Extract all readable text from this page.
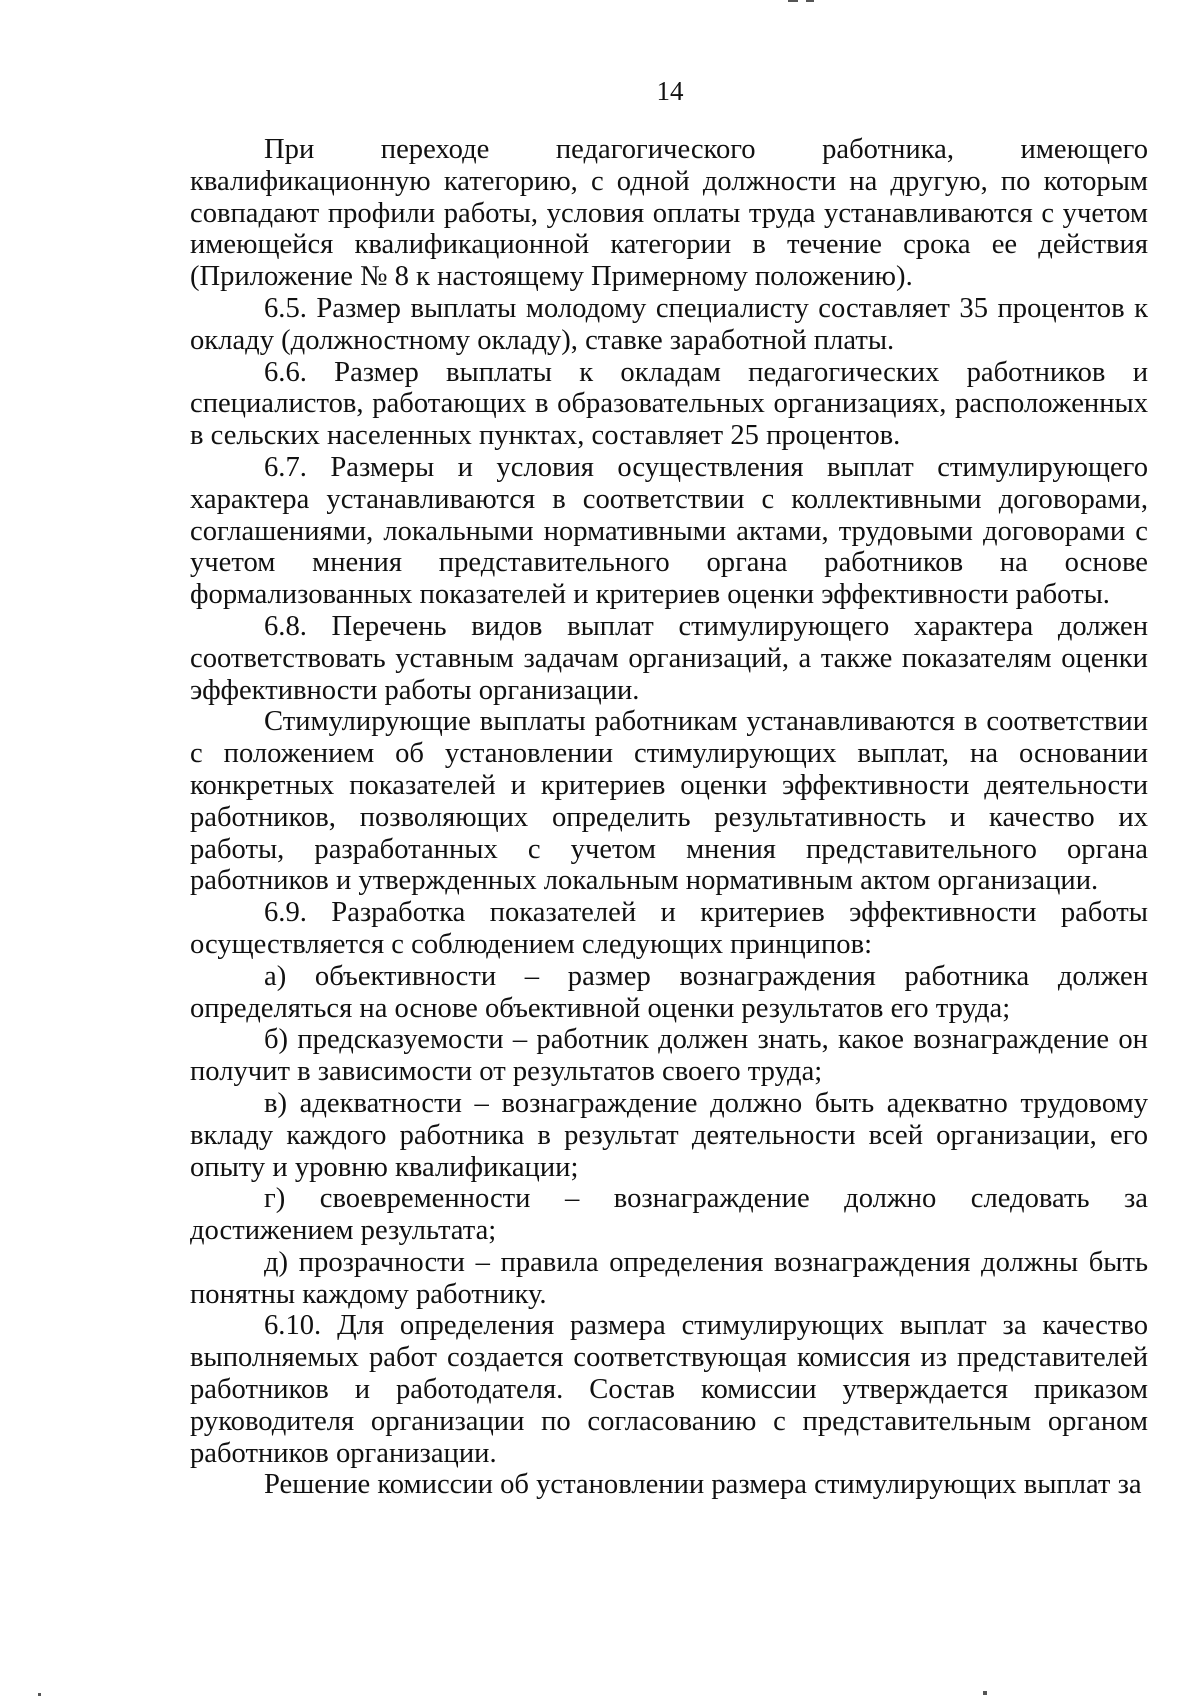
14

При переходе педагогического работника, имеющего квалификационную категорию, с одной должности на другую, по которым совпадают профили работы, условия оплаты труда устанавливаются с учетом имеющейся квалификационной категории в течение срока ее действия (Приложение № 8 к настоящему Примерному положению).

6.5. Размер выплаты молодому специалисту составляет 35 процентов к окладу (должностному окладу), ставке заработной платы.

6.6. Размер выплаты к окладам педагогических работников и специалистов, работающих в образовательных организациях, расположенных в сельских населенных пунктах, составляет 25 процентов.

6.7. Размеры и условия осуществления выплат стимулирующего характера устанавливаются в соответствии с коллективными договорами, соглашениями, локальными нормативными актами, трудовыми договорами с учетом мнения представительного органа работников на основе формализованных показателей и критериев оценки эффективности работы.

6.8. Перечень видов выплат стимулирующего характера должен соответствовать уставным задачам организаций, а также показателям оценки эффективности работы организации.

Стимулирующие выплаты работникам устанавливаются в соответствии с положением об установлении стимулирующих выплат, на основании конкретных показателей и критериев оценки эффективности деятельности работников, позволяющих определить результативность и качество их работы, разработанных с учетом мнения представительного органа работников и утвержденных локальным нормативным актом организации.

6.9. Разработка показателей и критериев эффективности работы осуществляется с соблюдением следующих принципов:

а) объективности – размер вознаграждения работника должен определяться на основе объективной оценки результатов его труда;

б) предсказуемости – работник должен знать, какое вознаграждение он получит в зависимости от результатов своего труда;

в) адекватности – вознаграждение должно быть адекватно трудовому вкладу каждого работника в результат деятельности всей организации, его опыту и уровню квалификации;

г) своевременности – вознаграждение должно следовать за достижением результата;

д) прозрачности – правила определения вознаграждения должны быть понятны каждому работнику.

6.10. Для определения размера стимулирующих выплат за качество выполняемых работ создается соответствующая комиссия из представителей работников и работодателя. Состав комиссии утверждается приказом руководителя организации по согласованию с представительным органом работников организации.

Решение комиссии об установлении размера стимулирующих выплат за
